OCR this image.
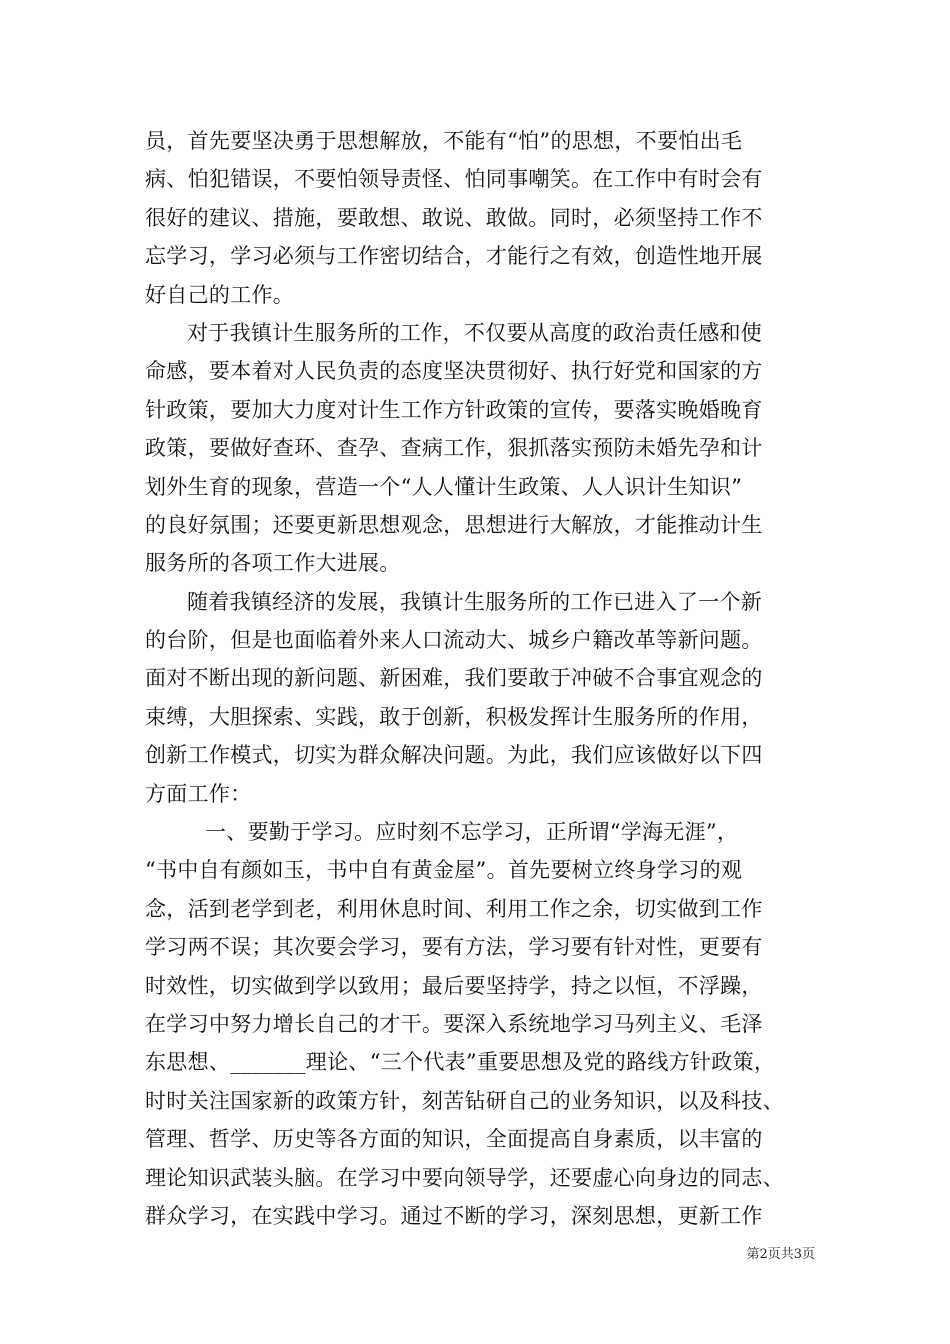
员，首先要坚决勇于思想解放，不能有“怕”的思想，不要怕出毛
病、怕犯错误，不要怕领导责怪、怕同事嘲笑。在工作中有时会有
很好的建议、措施，要敢想、敢说、敢做。同时，必须坚持工作不
忘学习，学习必须与工作密切结合，才能行之有效，创造性地开展
好自己的工作。
对于我镇计生服务所的工作，不仅要从高度的政治责任感和使
命感，要本着对人民负责的态度坚决贯彻好、执行好党和国家的方
针政策，要加大力度对计生工作方针政策的宣传，要落实晚婚晚育
政策，要做好查环、查孕、查病工作，狠抓落实预防未婚先孕和计
划外生育的现象，营造一个“人人懂计生政策、人人识计生知识”
的良好氛围；还要更新思想观念，思想进行大解放，才能推动计生
服务所的各项工作大进展。
随着我镇经济的发展，我镇计生服务所的工作已进入了一个新
的台阶，但是也面临着外来人口流动大、城乡户籍改革等新问题。
面对不断出现的新问题、新困难，我们要敢于冲破不合事宜观念的
束缚，大胆探索、实践，敢于创新，积极发挥计生服务所的作用，
创新工作模式，切实为群众解决问题。为此，我们应该做好以下四
方面工作：
一、要勤于学习。应时刻不忘学习，正所谓“学海无涯”，
“书中自有颜如玉，书中自有黄金屋”。首先要树立终身学习的观
念，活到老学到老，利用休息时间、利用工作之余，切实做到工作
学习两不误；其次要会学习，要有方法，学习要有针对性，更要有
时效性，切实做到学以致用；最后要坚持学，持之以恒，不浮躁，
在学习中努力增长自己的才干。要深入系统地学习马列主义、毛泽
东思想、_______理论、“三个代表”重要思想及党的路线方针政策，
时时关注国家新的政策方针，刻苦钻研自己的业务知识，以及科技、
管理、哲学、历史等各方面的知识，全面提高自身素质，以丰富的
理论知识武装头脑。在学习中要向领导学，还要虚心向身边的同志、
群众学习，在实践中学习。通过不断的学习，深刻思想，更新工作
第2页共3页
